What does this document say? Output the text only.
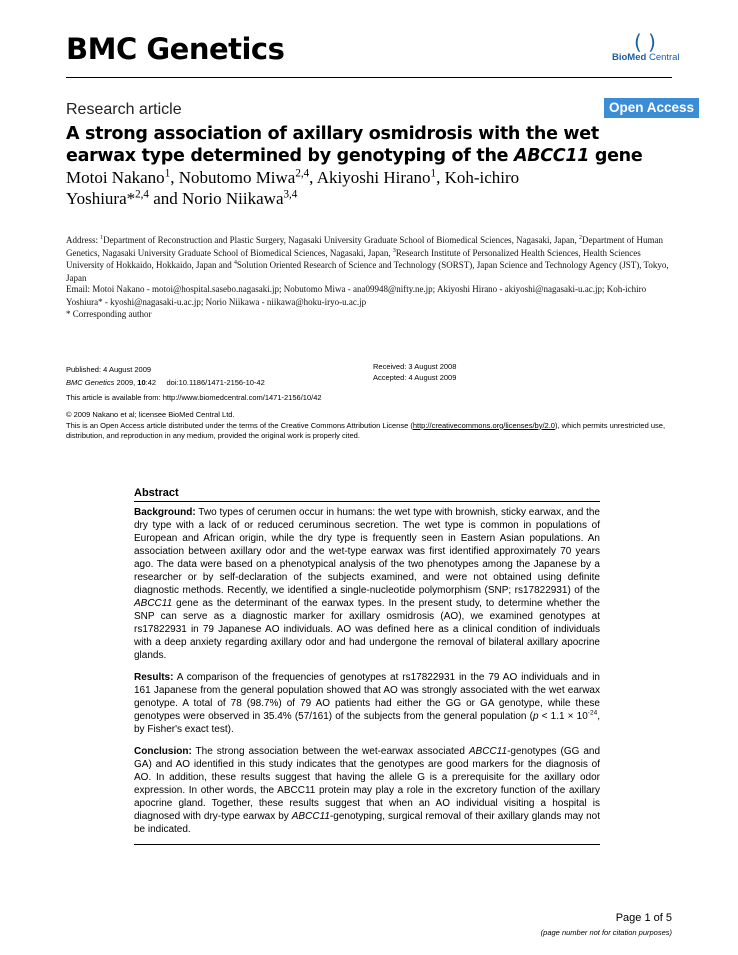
BMC Genetics	( )
BioMed Central
Research article	Open Access
A strong association of axillary osmidrosis with the wet earwax type determined by genotyping of the ABCC11 gene
Motoi Nakano$^1$, Nobutomo Miwa$^{2,4}$, Akiyoshi Hirano$^1$, Koh-ichiro Yoshiura*$^{2,4}$ and Norio Niikawa$^{3,4}$
Address: $^1$Department of Reconstruction and Plastic Surgery, Nagasaki University Graduate School of Biomedical Sciences, Nagasaki, Japan, $^2$Department of Human Genetics, Nagasaki University Graduate School of Biomedical Sciences, Nagasaki, Japan, $^3$Research Institute of Personalized Health Sciences, Health Sciences University of Hokkaido, Hokkaido, Japan and $^4$Solution Oriented Research of Science and Technology (SORST), Japan Science and Technology Agency (JST), Tokyo, Japan
Email: Motoi Nakano - motoi@hospital.sasebo.nagasaki.jp; Nobutomo Miwa - ana09948@nifty.ne.jp; Akiyoshi Hirano - akiyoshi@nagasaki-u.ac.jp; Koh-ichiro Yoshiura* - kyoshi@nagasaki-u.ac.jp; Norio Niikawa - niikawa@hoku-iryo-u.ac.jp
* Corresponding author
Published: 4 August 2009	Received: 3 August 2008
Accepted: 4 August 2009
BMC Genetics 2009, 10:42     doi:10.1186/1471-2156-10-42
This article is available from: http://www.biomedcentral.com/1471-2156/10/42
© 2009 Nakano et al; licensee BioMed Central Ltd.
This is an Open Access article distributed under the terms of the Creative Commons Attribution License (http://creativecommons.org/licenses/by/2.0), which permits unrestricted use, distribution, and reproduction in any medium, provided the original work is properly cited.
Abstract
Background: Two types of cerumen occur in humans: the wet type with brownish, sticky earwax, and the dry type with a lack of or reduced ceruminous secretion. The wet type is common in populations of European and African origin, while the dry type is frequently seen in Eastern Asian populations. An association between axillary odor and the wet-type earwax was first identified approximately 70 years ago. The data were based on a phenotypical analysis of the two phenotypes among the Japanese by a researcher or by self-declaration of the subjects examined, and were not obtained using definite diagnostic methods. Recently, we identified a single-nucleotide polymorphism (SNP; rs17822931) of the ABCC11 gene as the determinant of the earwax types. In the present study, to determine whether the SNP can serve as a diagnostic marker for axillary osmidrosis (AO), we examined genotypes at rs17822931 in 79 Japanese AO individuals. AO was defined here as a clinical condition of individuals with a deep anxiety regarding axillary odor and had undergone the removal of bilateral axillary apocrine glands.
Results: A comparison of the frequencies of genotypes at rs17822931 in the 79 AO individuals and in 161 Japanese from the general population showed that AO was strongly associated with the wet earwax genotype. A total of 78 (98.7%) of 79 AO patients had either the GG or GA genotype, while these genotypes were observed in 35.4% (57/161) of the subjects from the general population ($p < 1.1 \times 10^{-24}$, by Fisher's exact test).
Conclusion: The strong association between the wet-earwax associated ABCC11-genotypes (GG and GA) and AO identified in this study indicates that the genotypes are good markers for the diagnosis of AO. In addition, these results suggest that having the allele G is a prerequisite for the axillary odor expression. In other words, the ABCC11 protein may play a role in the excretory function of the axillary apocrine gland. Together, these results suggest that when an AO individual visiting a hospital is diagnosed with dry-type earwax by ABCC11-genotyping, surgical removal of their axillary glands may not be indicated.
Page 1 of 5
(page number not for citation purposes)
